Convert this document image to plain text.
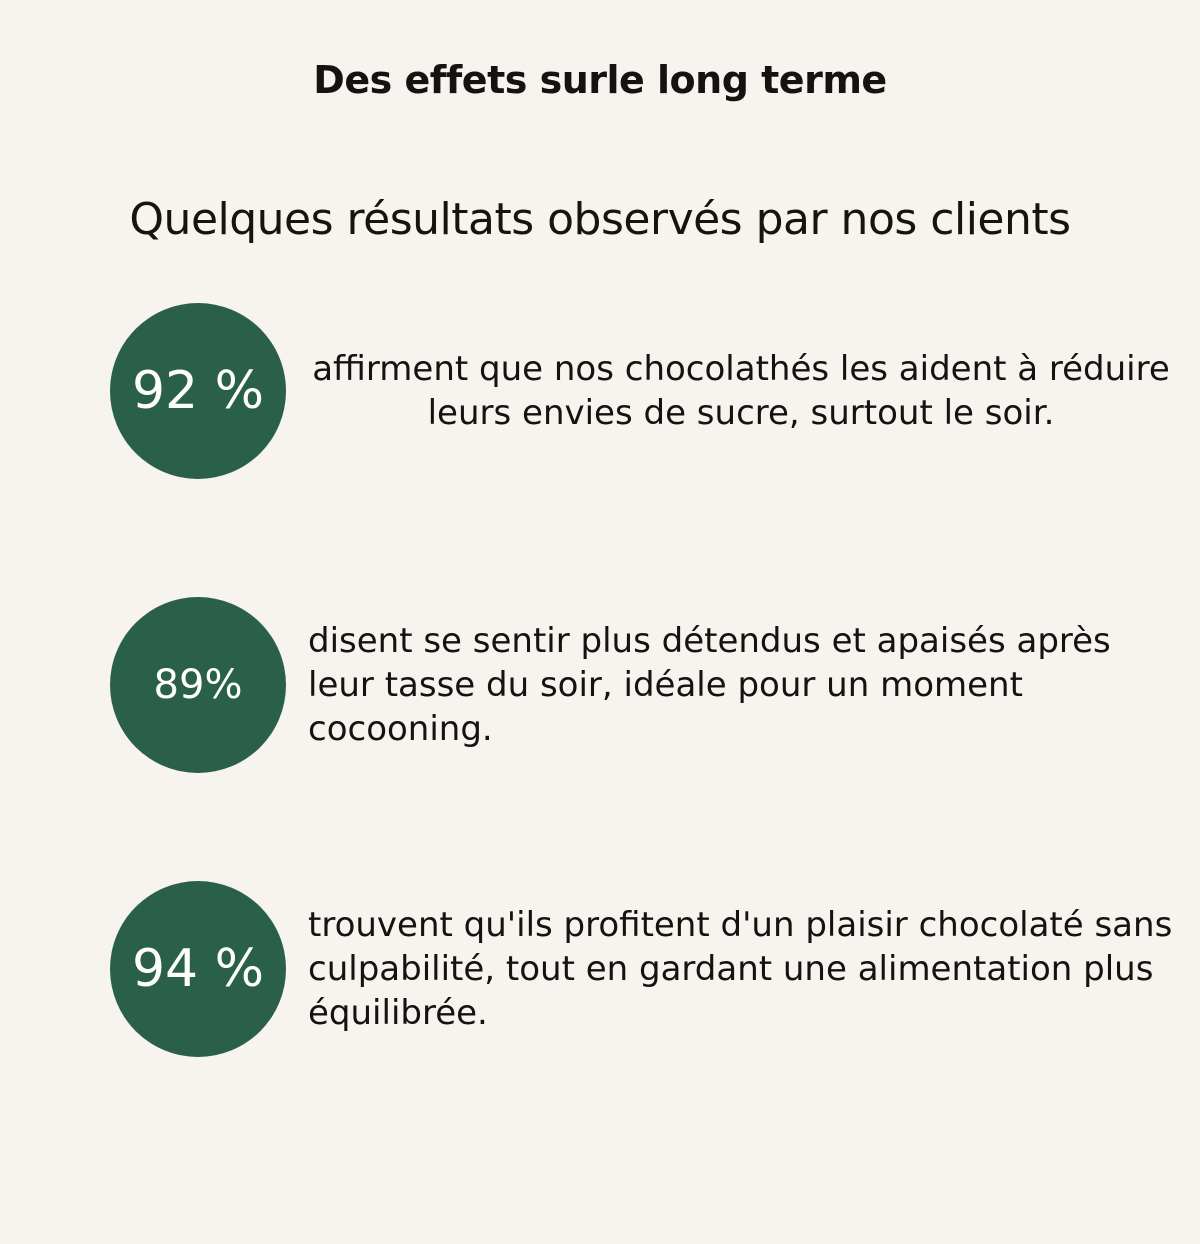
Des effets surle long terme
Quelques résultats observés par nos clients
92 % affirment que nos chocolathés les aident à réduire leurs envies de sucre, surtout le soir.
89%
disent se sentir plus détendus et apaisés après leur tasse du soir, idéale pour un moment cocooning.
94 %
trouvent qu'ils profitent d'un plaisir chocolaté sans culpabilité, tout en gardant une alimentation plus équilibrée.
